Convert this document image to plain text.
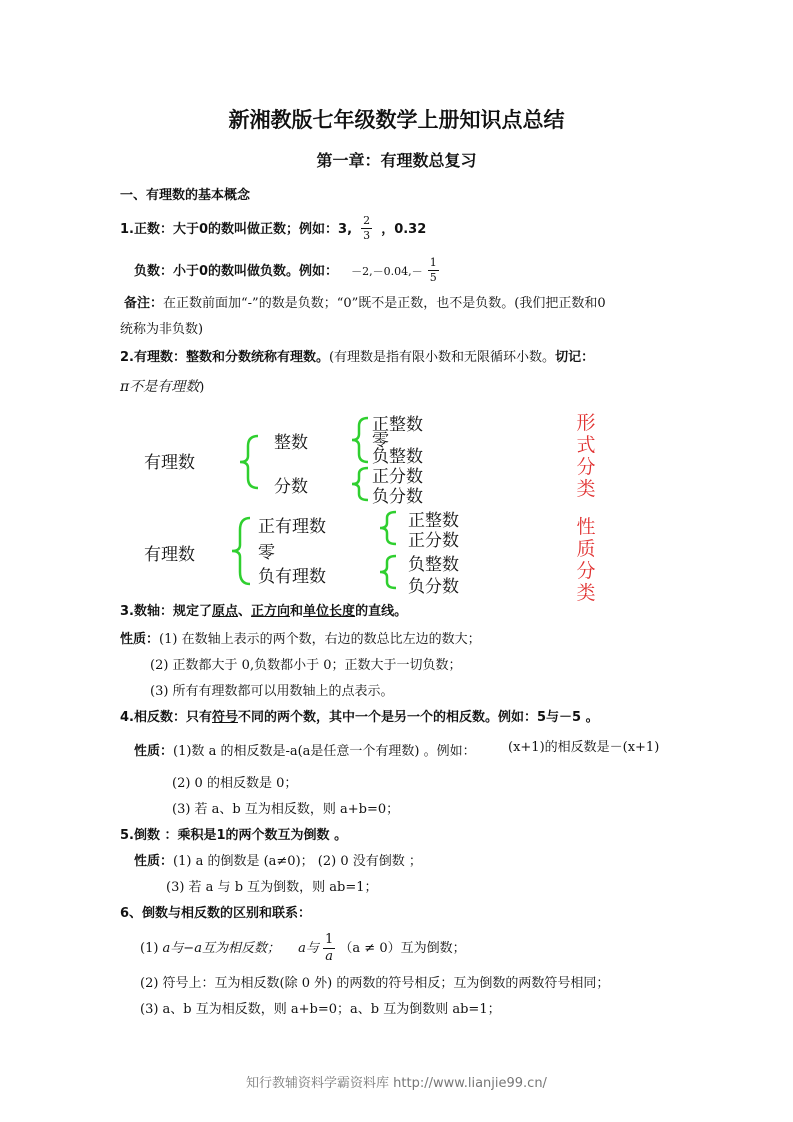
新湘教版七年级数学上册知识点总结
第一章：有理数总复习
一、有理数的基本概念
1.正数：大于0的数叫做正数；例如：3, $\frac{2}{3}$ ，0.32
负数：小于0的数叫做负数。例如： $-2,-0.04,- \frac{1}{5}$
备注：在正数前面加“-”的数是负数；“0”既不是正数，也不是负数。(我们把正数和0
统称为非负数)
2.有理数：整数和分数统称有理数。(有理数是指有限小数和无限循环小数。切记：
π不是有理数)
有理数
整数
分数
正整数
零
负整数
正分数
负分数
形式分类
有理数
正有理数
零
负有理数
正整数
正分数
负整数
负分数
性质分类
3.数轴：规定了原点、正方向和单位长度的直线。
性质：(1) 在数轴上表示的两个数，右边的数总比左边的数大；
(2) 正数都大于 0,负数都小于 0；正数大于一切负数；
(3) 所有有理数都可以用数轴上的点表示。
4.相反数：只有符号不同的两个数，其中一个是另一个的相反数。例如：5与－5 。
性质：(1)数 a 的相反数是-a(a是任意一个有理数) 。例如： (x+1)的相反数是－(x+1)
(2) 0 的相反数是 0；
(3) 若 a、b 互为相反数，则 a+b=0；
5.倒数 ：乘积是1的两个数互为倒数 。
性质：(1) a 的倒数是 (a≠0)； (2) 0 没有倒数 ；
(3) 若 a 与 b 互为倒数，则 ab=1；
6、倒数与相反数的区别和联系：
(1) a与−a互为相反数； a与 $\frac{1}{a} (a \ne 0)$互为倒数；
(2) 符号上：互为相反数(除 0 外) 的两数的符号相反；互为倒数的两数符号相同；
(3) a、b 互为相反数，则 a+b=0；a、b 互为倒数则 ab=1；
知行教辅资料学霸资料库 http://www.lianjie99.cn/
